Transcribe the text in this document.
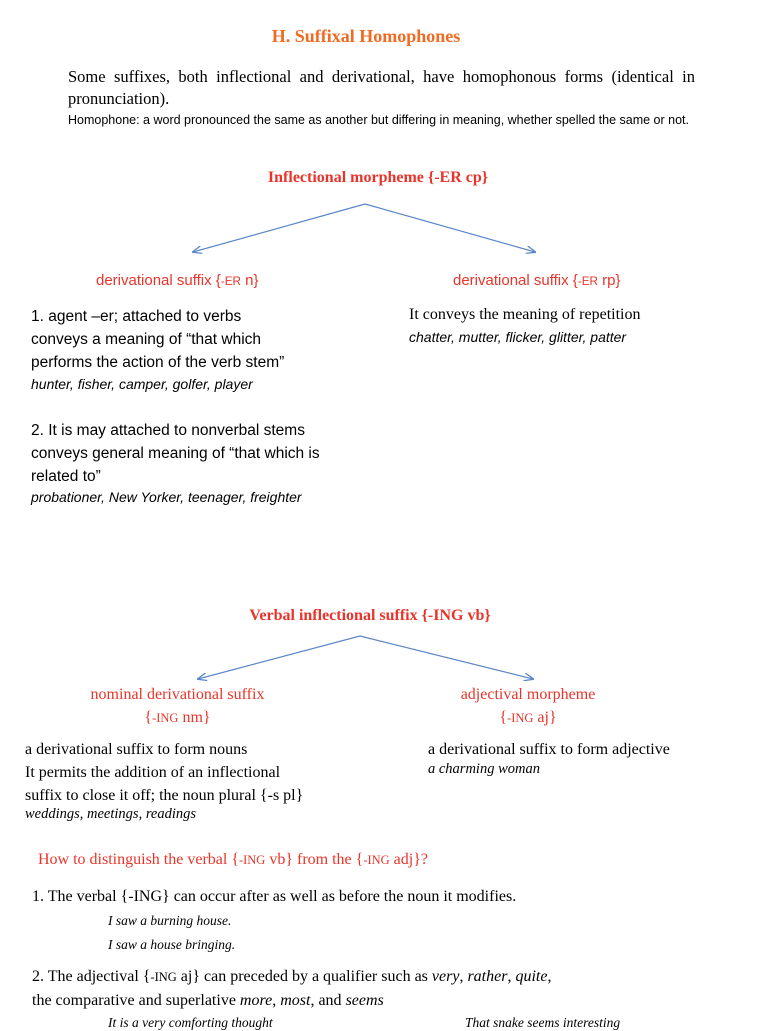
H. Suffixal Homophones
Some suffixes, both inflectional and derivational, have homophonous forms (identical in pronunciation).
Homophone: a word pronounced the same as another but differing in meaning, whether spelled the same or not.
Inflectional morpheme {-ER cp}
derivational suffix {-ER n}	derivational suffix {-ER rp}
1. agent –er; attached to verbs
conveys a meaning of “that which
performs the action of the verb stem”
hunter, fisher, camper, golfer, player
2. It is may attached to nonverbal stems
conveys general meaning of “that which is
related to”
probationer, New Yorker, teenager, freighter
It conveys the meaning of repetition
chatter, mutter, flicker, glitter, patter
Verbal inflectional suffix {-ING vb}
nominal derivational suffix
{-ING nm}
adjectival morpheme
{-ING aj}
a derivational suffix to form nouns
It permits the addition of an inflectional
suffix to close it off; the noun plural {-s pl}
weddings, meetings, readings
a derivational suffix to form adjective
a charming woman
How to distinguish the verbal {-ING vb} from the {-ING adj}?
1. The verbal {-ING} can occur after as well as before the noun it modifies.
I saw a burning house.
I saw a house bringing.
2. The adjectival {-ING aj} can preceded by a qualifier such as very, rather, quite,
the comparative and superlative more, most, and seems
It is a very comforting thought	That snake seems interesting
